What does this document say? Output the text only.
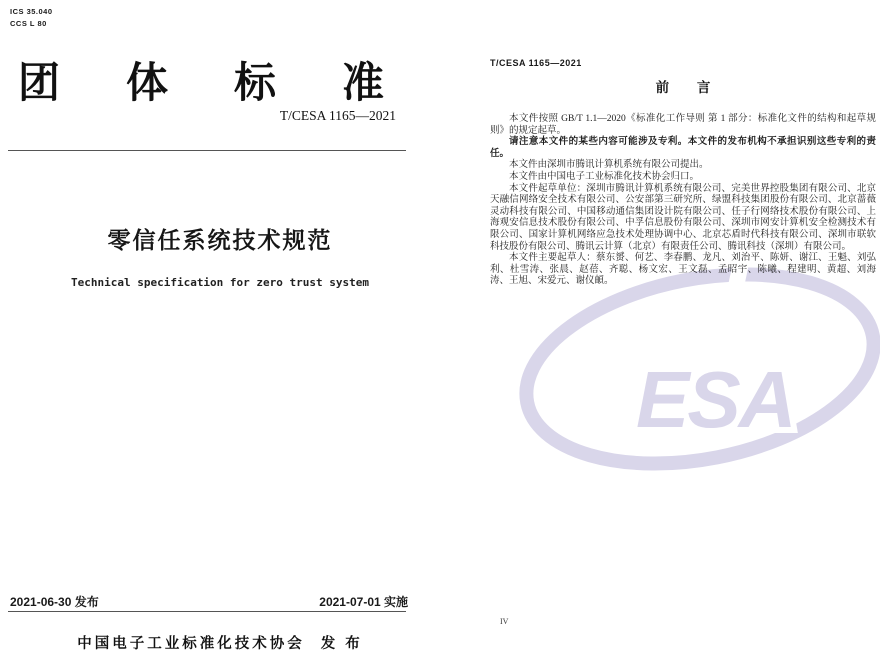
ICS 35.040
CCS L 80
团 体 标 准
T/CESA 1165—2021
零信任系统技术规范
Technical specification for zero trust system
2021-06-30 发布	2021-07-01 实施
中国电子工业标准化技术协会 发 布
ESA
T/CESA 1165—2021
前 言

本文件按照 GB/T 1.1—2020《标准化工作导则 第 1 部分：标准化文件的结构和起草规则》的规定起草。

请注意本文件的某些内容可能涉及专利。本文件的发布机构不承担识别这些专利的责任。

本文件由深圳市腾讯计算机系统有限公司提出。

本文件由中国电子工业标准化技术协会归口。

本文件起草单位：深圳市腾讯计算机系统有限公司、完美世界控股集团有限公司、北京天融信网络安全技术有限公司、公安部第三研究所、绿盟科技集团股份有限公司、北京蔷薇灵动科技有限公司、中国移动通信集团设计院有限公司、任子行网络技术股份有限公司、上海观安信息技术股份有限公司、中孚信息股份有限公司、深圳市网安计算机安全检测技术有限公司、国家计算机网络应急技术处理协调中心、北京芯盾时代科技有限公司、深圳市联软科技股份有限公司、腾讯云计算（北京）有限责任公司、腾讯科技（深圳）有限公司。

本文件主要起草人：蔡东赟、何艺、李春鹏、龙凡、刘治平、陈妍、谢江、王魁、刘弘利、杜雪涛、张晨、赵蓓、齐聪、杨文宏、王文磊、孟昭宇、陈曦、程建明、黄超、刘海涛、王旭、宋爱元、谢仪頔。

IV
